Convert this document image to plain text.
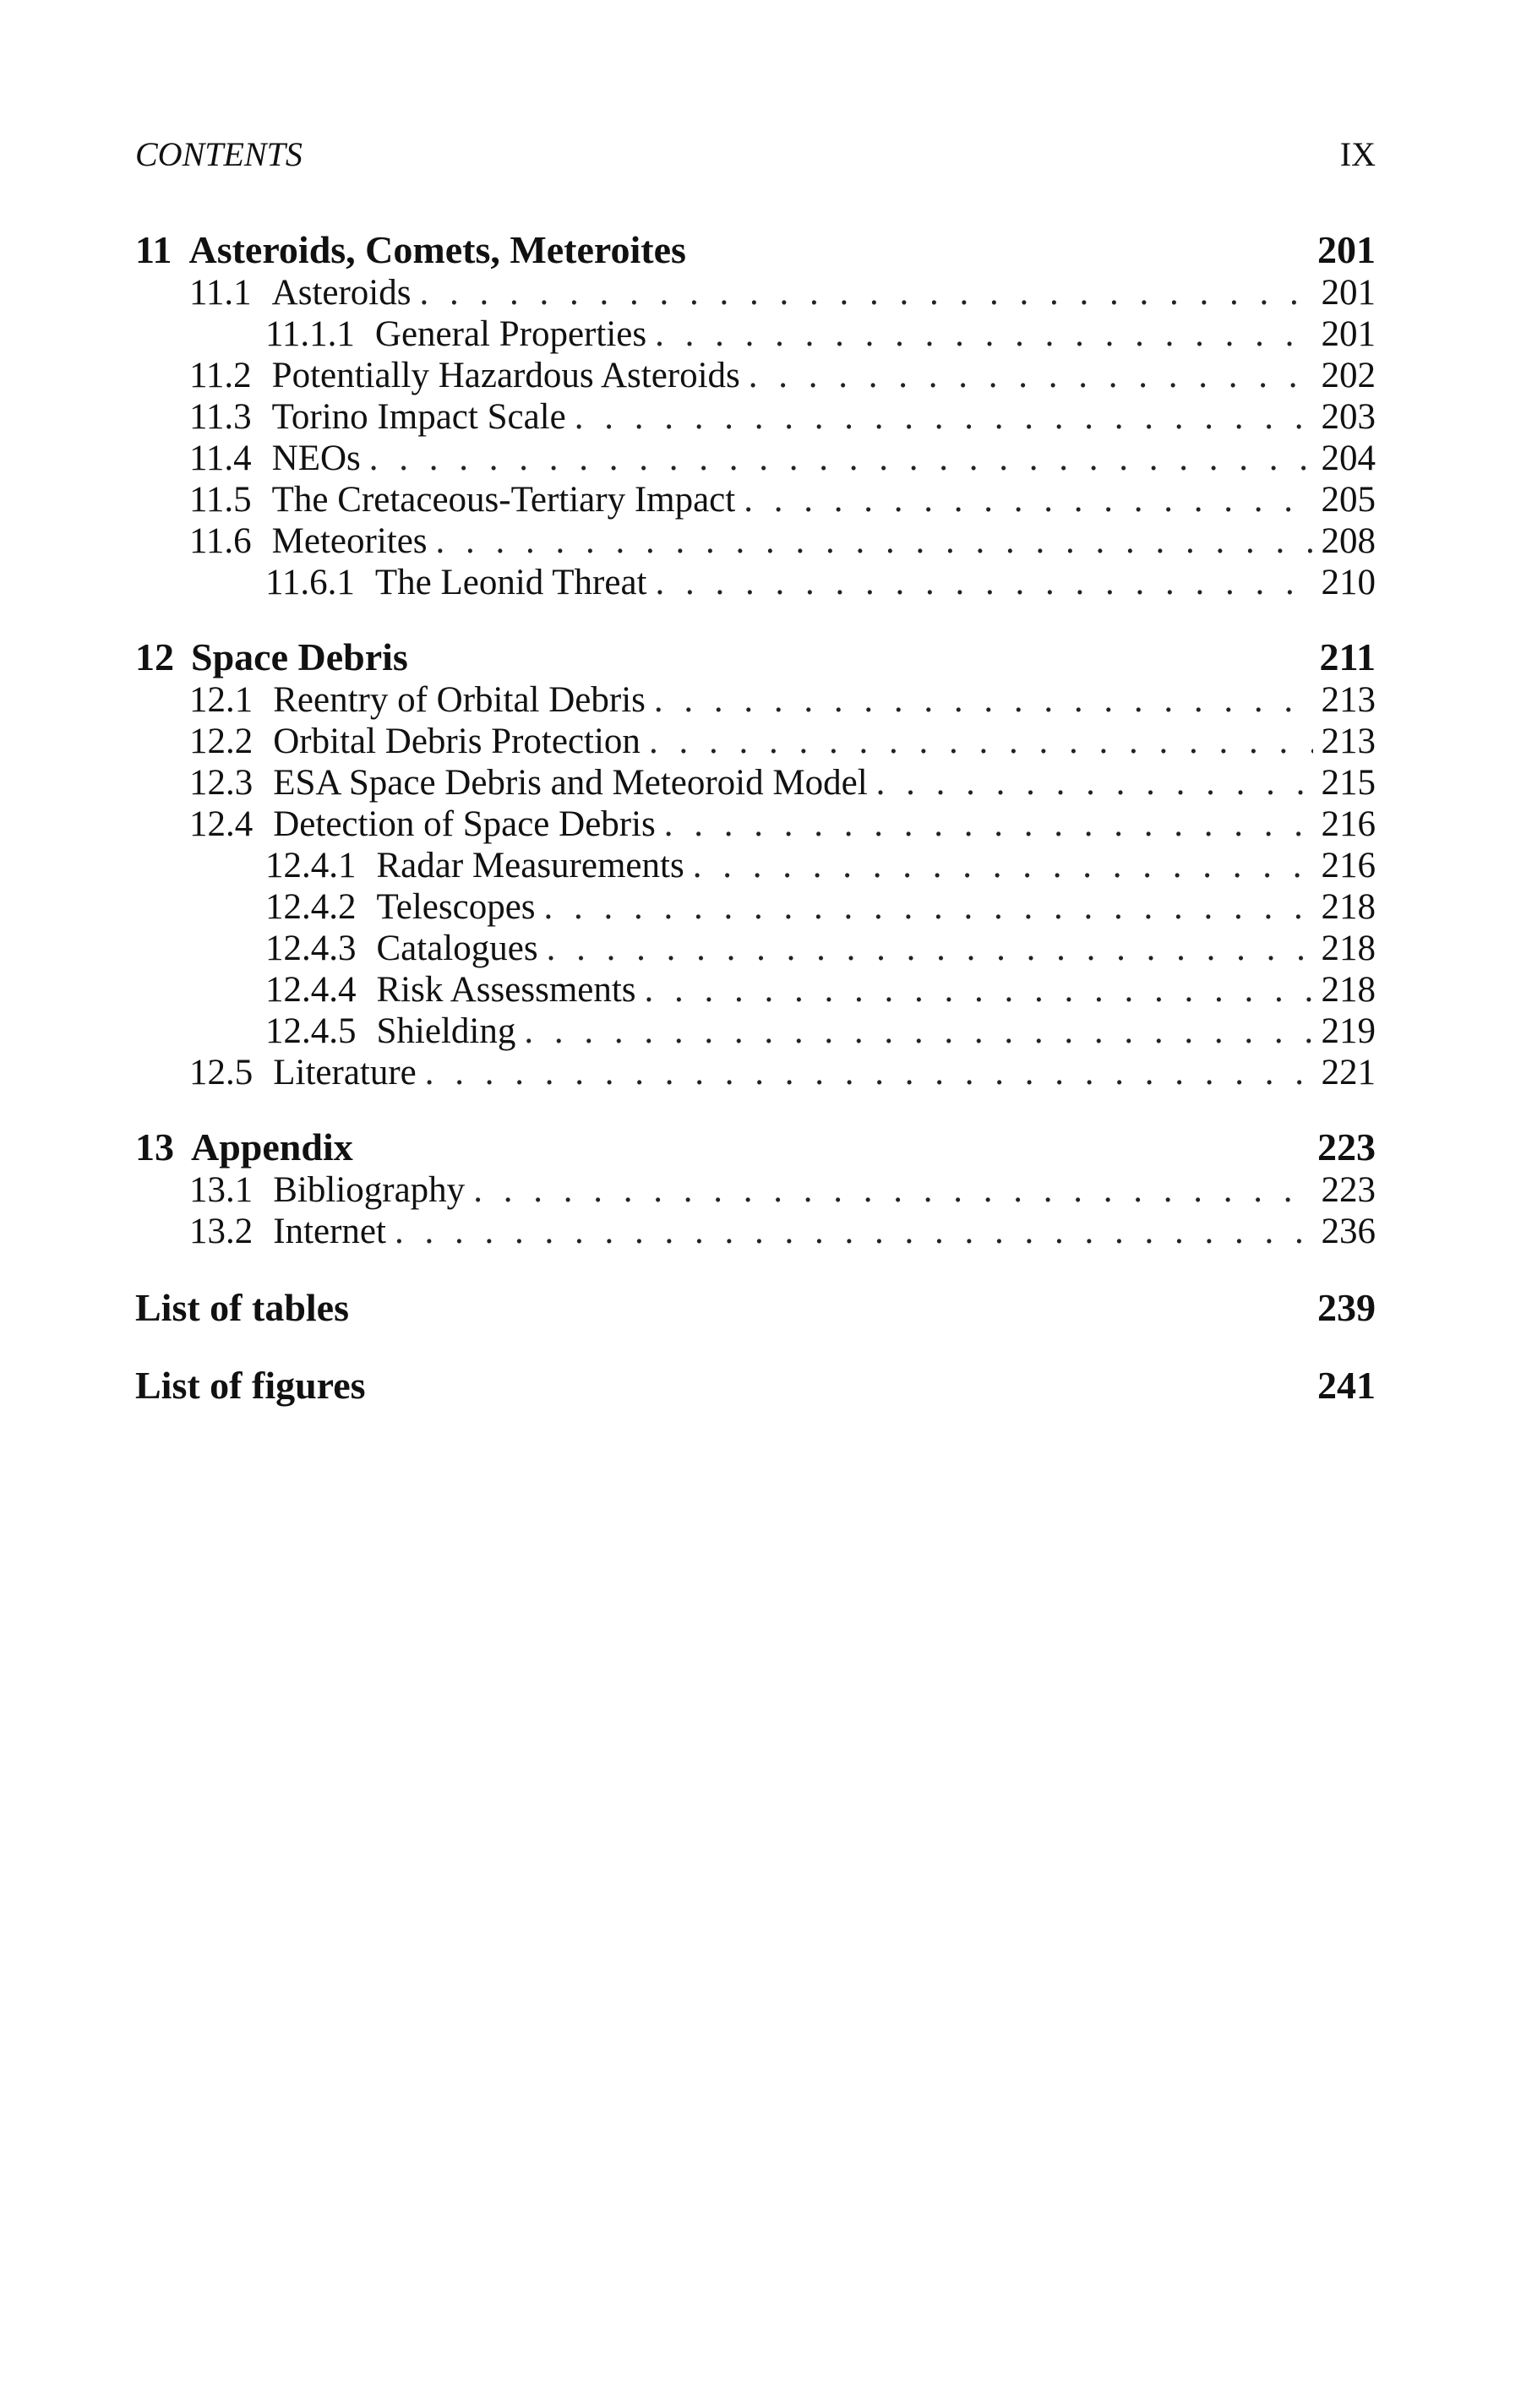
CONTENTS	IX
11 Asteroids, Comets, Meteroites	201
11.1 Asteroids . . .	201
11.1.1 General Properties . . .	201
11.2 Potentially Hazardous Asteroids . . .	202
11.3 Torino Impact Scale . . .	203
11.4 NEOs . . .	204
11.5 The Cretaceous-Tertiary Impact . . .	205
11.6 Meteorites . . .	208
11.6.1 The Leonid Threat . . .	210
12 Space Debris	211
12.1 Reentry of Orbital Debris . . .	213
12.2 Orbital Debris Protection . . .	213
12.3 ESA Space Debris and Meteoroid Model . . .	215
12.4 Detection of Space Debris . . .	216
12.4.1 Radar Measurements . . .	216
12.4.2 Telescopes . . .	218
12.4.3 Catalogues . . .	218
12.4.4 Risk Assessments . . .	218
12.4.5 Shielding . . .	219
12.5 Literature . . .	221
13 Appendix	223
13.1 Bibliography . . .	223
13.2 Internet . . .	236
List of tables	239
List of figures	241
